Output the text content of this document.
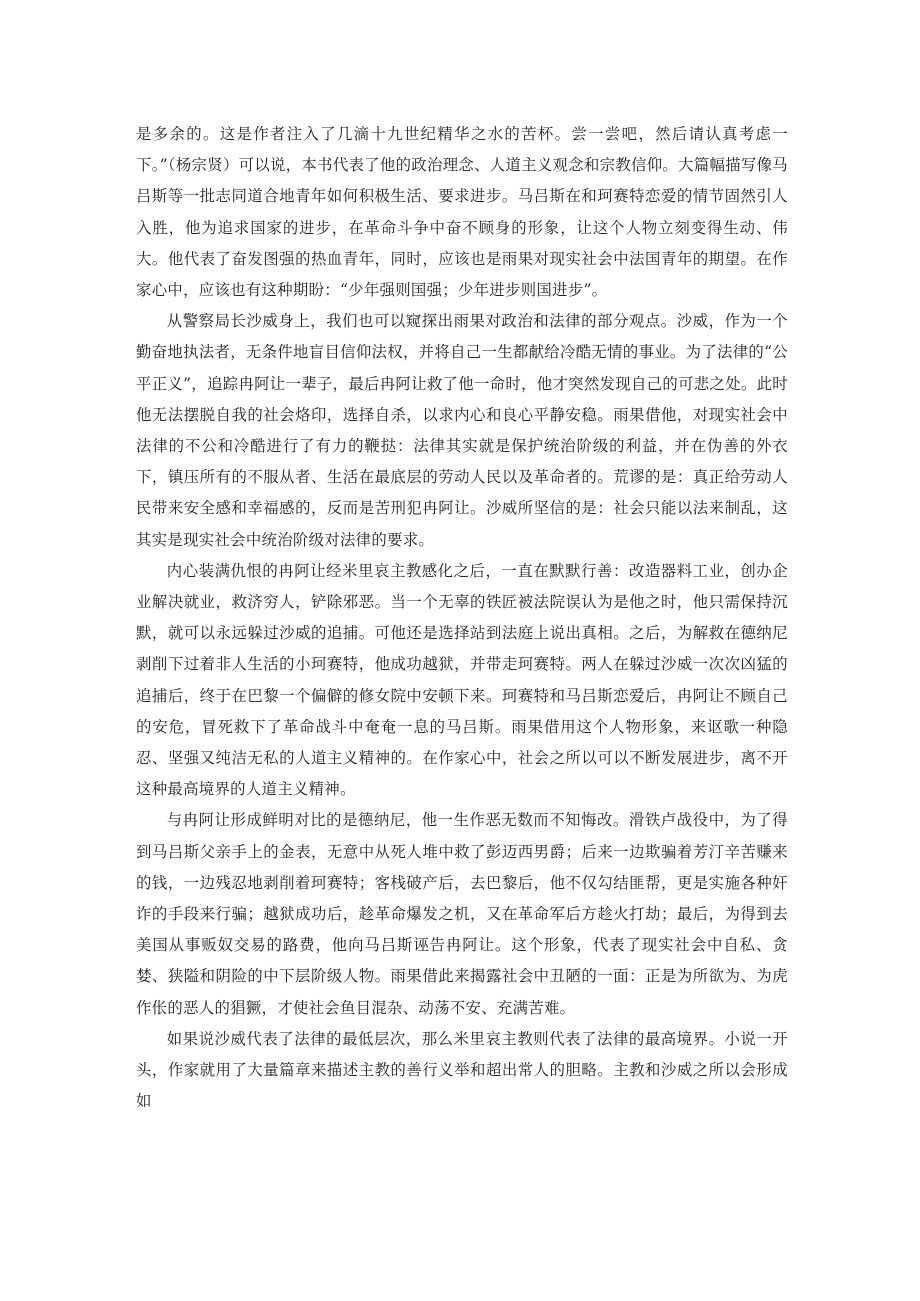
是多余的。这是作者注入了几滴十九世纪精华之水的苦杯。尝一尝吧，然后请认真考虑一下。”（杨宗贤）可以说，本书代表了他的政治理念、人道主义观念和宗教信仰。大篇幅描写像马吕斯等一批志同道合地青年如何积极生活、要求进步。马吕斯在和珂赛特恋爱的情节固然引人入胜，他为追求国家的进步，在革命斗争中奋不顾身的形象，让这个人物立刻变得生动、伟大。他代表了奋发图强的热血青年，同时，应该也是雨果对现实社会中法国青年的期望。在作家心中，应该也有这种期盼：“少年强则国强；少年进步则国进步”。

从警察局长沙威身上，我们也可以窥探出雨果对政治和法律的部分观点。沙威，作为一个勤奋地执法者，无条件地盲目信仰法权，并将自己一生都献给冷酷无情的事业。为了法律的“公平正义”，追踪冉阿让一辈子，最后冉阿让救了他一命时，他才突然发现自己的可悲之处。此时他无法摆脱自我的社会烙印，选择自杀，以求内心和良心平静安稳。雨果借他，对现实社会中法律的不公和冷酷进行了有力的鞭挞：法律其实就是保护统治阶级的利益，并在伪善的外衣下，镇压所有的不服从者、生活在最底层的劳动人民以及革命者的。荒谬的是：真正给劳动人民带来安全感和幸福感的，反而是苦刑犯冉阿让。沙威所坚信的是：社会只能以法来制乱，这其实是现实社会中统治阶级对法律的要求。

内心装满仇恨的冉阿让经米里哀主教感化之后，一直在默默行善：改造器料工业，创办企业解决就业，救济穷人，铲除邪恶。当一个无辜的铁匠被法院误认为是他之时，他只需保持沉默，就可以永远躲过沙威的追捕。可他还是选择站到法庭上说出真相。之后，为解救在德纳尼剥削下过着非人生活的小珂赛特，他成功越狱，并带走珂赛特。两人在躲过沙威一次次凶猛的追捕后，终于在巴黎一个偏僻的修女院中安顿下来。珂赛特和马吕斯恋爱后，冉阿让不顾自己的安危，冒死救下了革命战斗中奄奄一息的马吕斯。雨果借用这个人物形象，来讴歌一种隐忍、坚强又纯洁无私的人道主义精神的。在作家心中，社会之所以可以不断发展进步，离不开这种最高境界的人道主义精神。

与冉阿让形成鲜明对比的是德纳尼，他一生作恶无数而不知悔改。滑铁卢战役中，为了得到马吕斯父亲手上的金表，无意中从死人堆中救了彭迈西男爵；后来一边欺骗着芳汀辛苦赚来的钱，一边残忍地剥削着珂赛特；客栈破产后，去巴黎后，他不仅勾结匪帮，更是实施各种奸诈的手段来行骗；越狱成功后，趁革命爆发之机，又在革命军后方趁火打劫；最后，为得到去美国从事贩奴交易的路费，他向马吕斯诬告冉阿让。这个形象，代表了现实社会中自私、贪婪、狭隘和阴险的中下层阶级人物。雨果借此来揭露社会中丑陋的一面：正是为所欲为、为虎作伥的恶人的猖獗，才使社会鱼目混杂、动荡不安、充满苦难。

如果说沙威代表了法律的最低层次，那么米里哀主教则代表了法律的最高境界。小说一开头，作家就用了大量篇章来描述主教的善行义举和超出常人的胆略。主教和沙威之所以会形成如
